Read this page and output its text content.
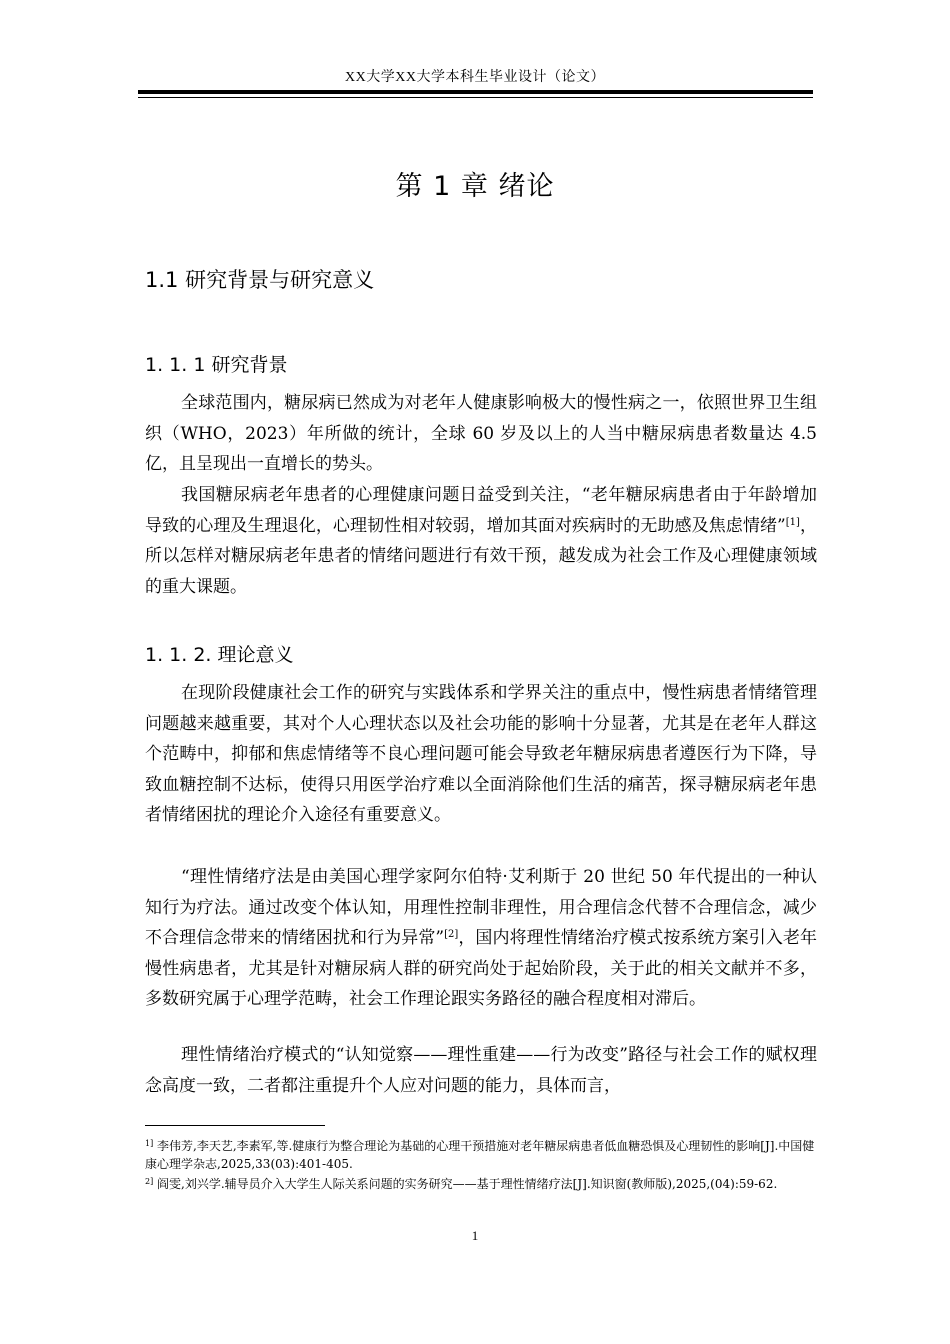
XX大学XX大学本科生毕业设计（论文）
第 1 章 绪论
1.1 研究背景与研究意义
1. 1. 1 研究背景

全球范围内，糖尿病已然成为对老年人健康影响极大的慢性病之一，依照世界卫生组织（WHO，2023）年所做的统计，全球 60 岁及以上的人当中糖尿病患者数量达 4.5 亿，且呈现出一直增长的势头。

我国糖尿病老年患者的心理健康问题日益受到关注，“老年糖尿病患者由于年龄增加导致的心理及生理退化，心理韧性相对较弱，增加其面对疾病时的无助感及焦虑情绪”[1]，所以怎样对糖尿病老年患者的情绪问题进行有效干预，越发成为社会工作及心理健康领域的重大课题。

1. 1. 2. 理论意义

在现阶段健康社会工作的研究与实践体系和学界关注的重点中，慢性病患者情绪管理问题越来越重要，其对个人心理状态以及社会功能的影响十分显著，尤其是在老年人群这个范畴中，抑郁和焦虑情绪等不良心理问题可能会导致老年糖尿病患者遵医行为下降，导致血糖控制不达标，使得只用医学治疗难以全面消除他们生活的痛苦，探寻糖尿病老年患者情绪困扰的理论介入途径有重要意义。

“理性情绪疗法是由美国心理学家阿尔伯特·艾利斯于 20 世纪 50 年代提出的一种认知行为疗法。通过改变个体认知，用理性控制非理性，用合理信念代替不合理信念，减少不合理信念带来的情绪困扰和行为异常”[2]，国内将理性情绪治疗模式按系统方案引入老年慢性病患者，尤其是针对糖尿病人群的研究尚处于起始阶段，关于此的相关文献并不多，多数研究属于心理学范畴，社会工作理论跟实务路径的融合程度相对滞后。

理性情绪治疗模式的“认知觉察——理性重建——行为改变”路径与社会工作的赋权理念高度一致，二者都注重提升个人应对问题的能力，具体而言，

$^{1]}$ 李伟芳,李天艺,李素军,等.健康行为整合理论为基础的心理干预措施对老年糖尿病患者低血糖恐惧及心理韧性的影响[J].中国健康心理学杂志,2025,33(03):401-405.

$^{2]}$ 阎雯,刘兴学.辅导员介入大学生人际关系问题的实务研究——基于理性情绪疗法[J].知识窗(教师版),2025,(04):59-62.

1
